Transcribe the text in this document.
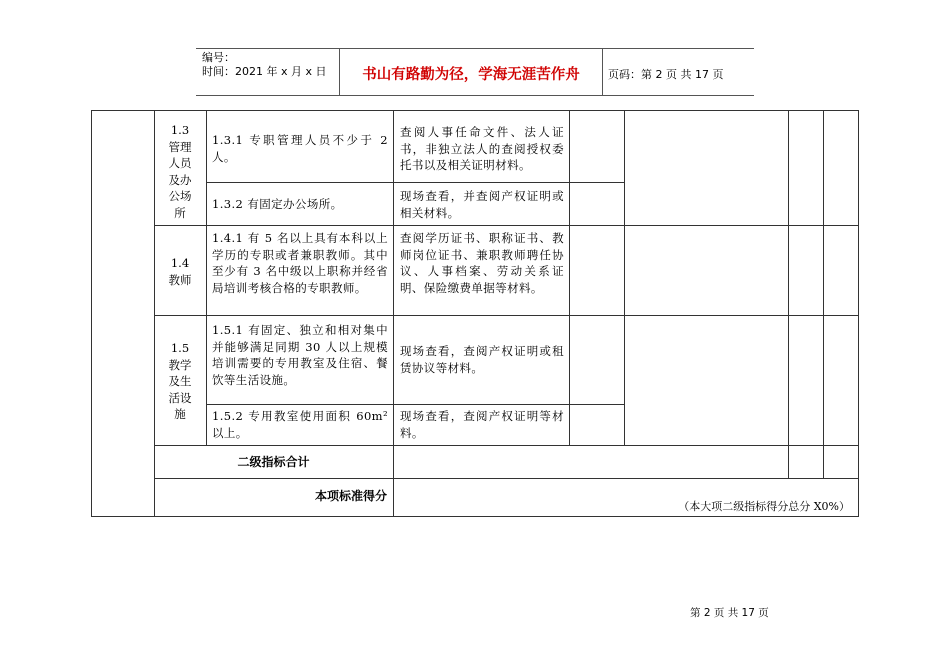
编号：
时间：2021 年 x 月 x 日	书山有路勤为径，学海无涯苦作舟	页码：第 2 页 共 17 页
1.3
管理人员及办公场所
1.3.1 专职管理人员不少于 2 人。
查阅人事任命文件、法人证书，非独立法人的查阅授权委托书以及相关证明材料。
1.3.2 有固定办公场所。
现场查看，并查阅产权证明或相关材料。
1.4
教师
1.4.1 有 5 名以上具有本科以上学历的专职或者兼职教师。其中至少有 3 名中级以上职称并经省局培训考核合格的专职教师。
查阅学历证书、职称证书、教师岗位证书、兼职教师聘任协议、人事档案、劳动关系证明、保险缴费单据等材料。
1.5
教学及生活设施
1.5.1 有固定、独立和相对集中并能够满足同期 30 人以上规模培训需要的专用教室及住宿、餐饮等生活设施。
现场查看，查阅产权证明或租赁协议等材料。
1.5.2 专用教室使用面积 60m² 以上。
现场查看，查阅产权证明等材料。
二级指标合计
本项标准得分
（本大项二级指标得分总分 X0%）
第 2 页 共 17 页
